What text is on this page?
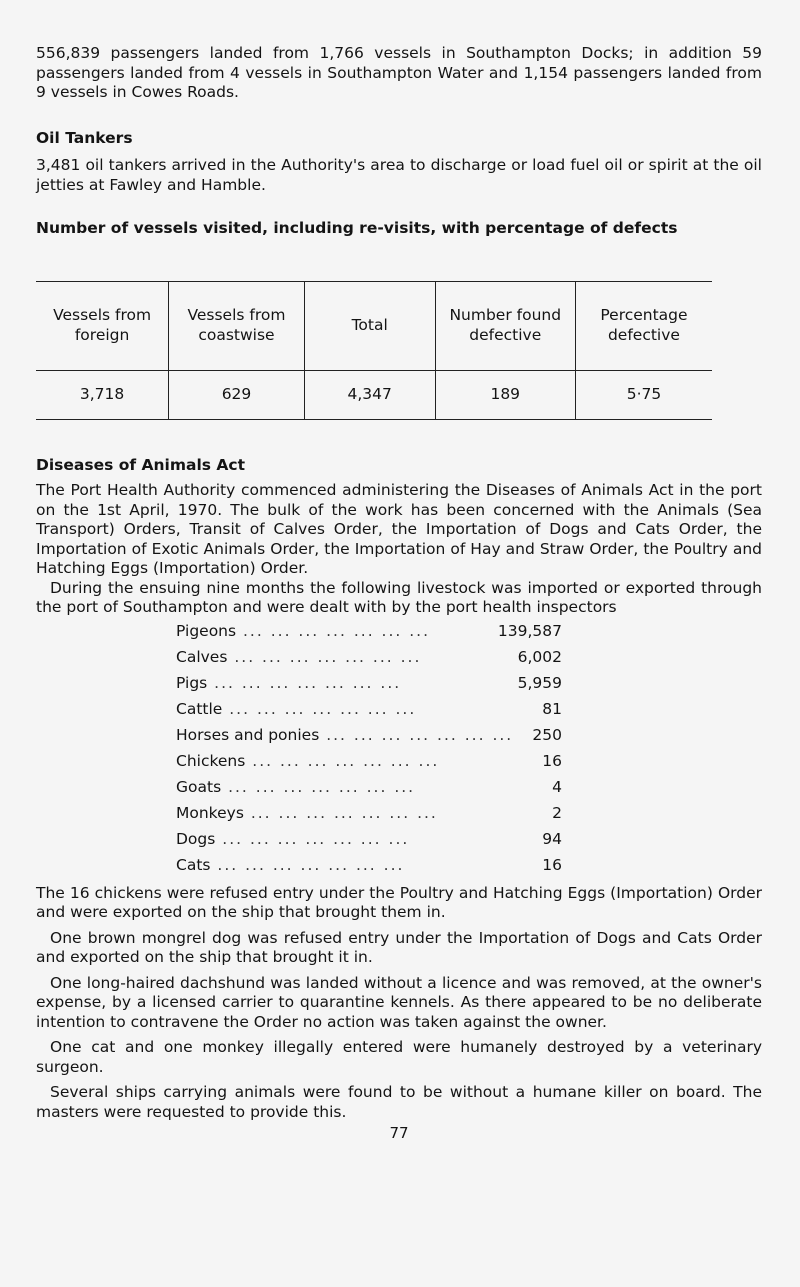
556,839 passengers landed from 1,766 vessels in Southampton Docks; in addition 59 passengers landed from 4 vessels in Southampton Water and 1,154 passengers landed from 9 vessels in Cowes Roads.

Oil Tankers

3,481 oil tankers arrived in the Authority's area to discharge or load fuel oil or spirit at the oil jetties at Fawley and Hamble.

Number of vessels visited, including re-visits, with percentage of defects
Vessels from foreign	Vessels from coastwise	Total	Number found defective	Percentage defective
3,718	629	4,347	189	5·75
Diseases of Animals Act

The Port Health Authority commenced administering the Diseases of Animals Act in the port on the 1st April, 1970. The bulk of the work has been concerned with the Animals (Sea Transport) Orders, Transit of Calves Order, the Importation of Dogs and Cats Order, the Importation of Exotic Animals Order, the Importation of Hay and Straw Order, the Poultry and Hatching Eggs (Importation) Order.

During the ensuing nine months the following livestock was imported or exported through the port of Southampton and were dealt with by the port health inspectors

Pigeons ... ... ... ... ... ... ...	139,587
Calves ... ... ... ... ... ... ...	6,002
Pigs ... ... ... ... ... ... ...	5,959
Cattle ... ... ... ... ... ... ...	81
Horses and ponies ... ... ... ... ... ... ...	250
Chickens ... ... ... ... ... ... ...	16
Goats ... ... ... ... ... ... ...	4
Monkeys ... ... ... ... ... ... ...	2
Dogs ... ... ... ... ... ... ...	94
Cats ... ... ... ... ... ... ...	16

The 16 chickens were refused entry under the Poultry and Hatching Eggs (Importation) Order and were exported on the ship that brought them in.

One brown mongrel dog was refused entry under the Importation of Dogs and Cats Order and exported on the ship that brought it in.

One long-haired dachshund was landed without a licence and was removed, at the owner's expense, by a licensed carrier to quarantine kennels. As there appeared to be no deliberate intention to contravene the Order no action was taken against the owner.

One cat and one monkey illegally entered were humanely destroyed by a veterinary surgeon.

Several ships carrying animals were found to be without a humane killer on board. The masters were requested to provide this.

77
